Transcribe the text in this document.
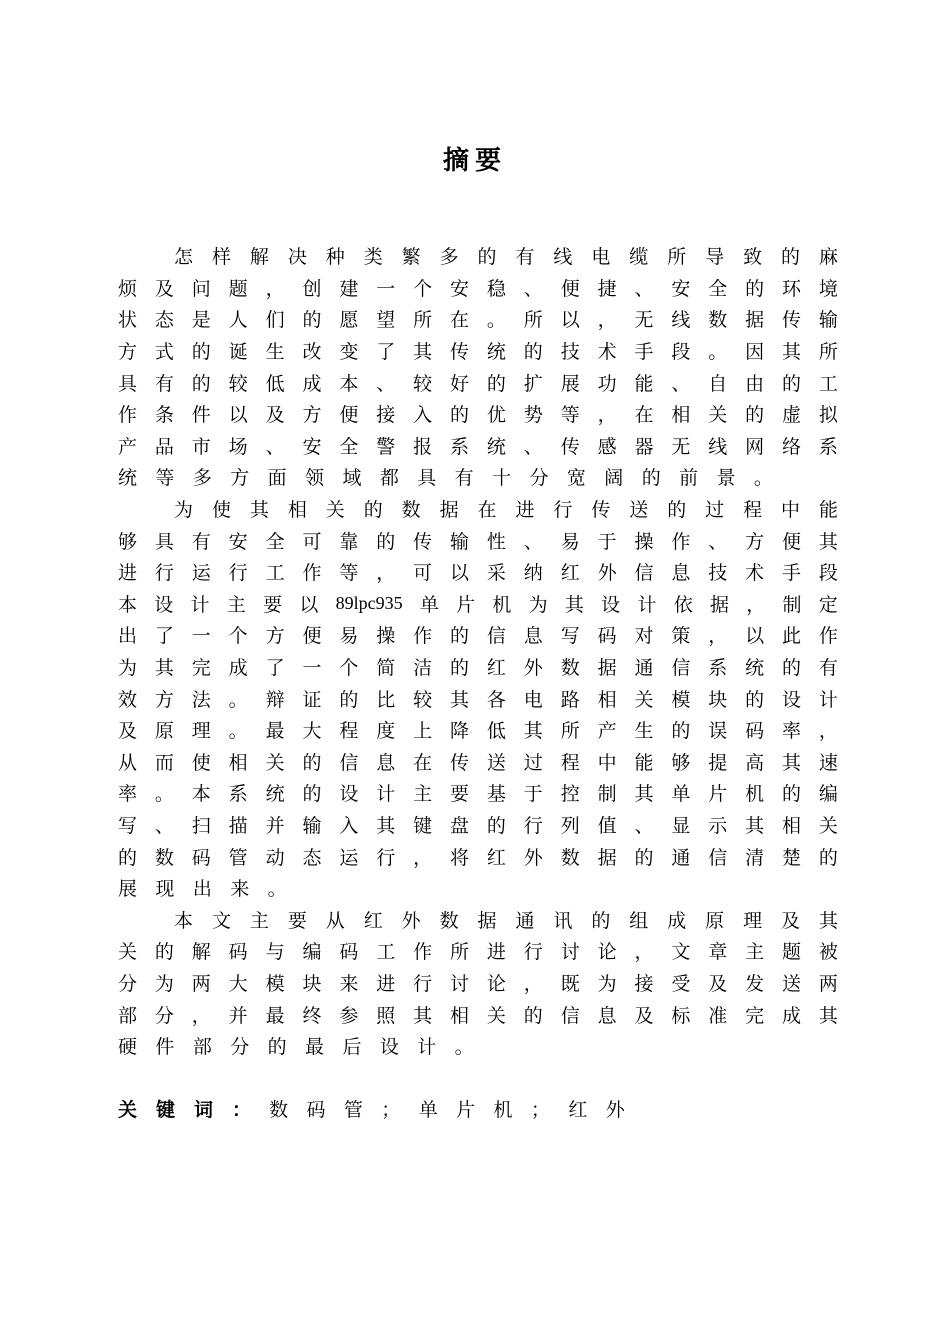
摘要
怎 样 解 决 种 类 繁 多 的 有 线 电 缆 所 导 致 的 麻
烦 及 问 题 ， 创 建 一 个 安 稳 、 便 捷 、 安 全 的 环 境
状 态 是 人 们 的 愿 望 所 在 。 所 以 ， 无 线 数 据 传 输
方 式 的 诞 生 改 变 了 其 传 统 的 技 术 手 段 。 因 其 所
具 有 的 较 低 成 本 、 较 好 的 扩 展 功 能 、 自 由 的 工
作 条 件 以 及 方 便 接 入 的 优 势 等 ， 在 相 关 的 虚 拟
产 品 市 场 、 安 全 警 报 系 统 、 传 感 器 无 线 网 络 系
统 等 多 方 面 领 域 都 具 有 十 分 宽 阔 的 前 景 。
为 使 其 相 关 的 数 据 在 进 行 传 送 的 过 程 中 能
够 具 有 安 全 可 靠 的 传 输 性 、 易 于 操 作 、 方 便 其
进 行 运 行 工 作 等 ， 可 以 采 纳 红 外 信 息 技 术 手 段
本 设 计 主 要 以 89lpc935 单 片 机 为 其 设 计 依 据 ， 制 定
出 了 一 个 方 便 易 操 作 的 信 息 写 码 对 策 ， 以 此 作
为 其 完 成 了 一 个 简 洁 的 红 外 数 据 通 信 系 统 的 有
效 方 法 。 辩 证 的 比 较 其 各 电 路 相 关 模 块 的 设 计
及 原 理 。 最 大 程 度 上 降 低 其 所 产 生 的 误 码 率 ，
从 而 使 相 关 的 信 息 在 传 送 过 程 中 能 够 提 高 其 速
率 。 本 系 统 的 设 计 主 要 基 于 控 制 其 单 片 机 的 编
写 、 扫 描 并 输 入 其 键 盘 的 行 列 值 、 显 示 其 相 关
的 数 码 管 动 态 运 行 ， 将 红 外 数 据 的 通 信 清 楚 的
展 现 出 来 。
本 文 主 要 从 红 外 数 据 通 讯 的 组 成 原 理 及 其
关 的 解 码 与 编 码 工 作 所 进 行 讨 论 ， 文 章 主 题 被
分 为 两 大 模 块 来 进 行 讨 论 ， 既 为 接 受 及 发 送 两
部 分 ， 并 最 终 参 照 其 相 关 的 信 息 及 标 准 完 成 其
硬 件 部 分 的 最 后 设 计 。
关 键 词 ： 数 码 管 ； 单 片 机 ； 红 外
